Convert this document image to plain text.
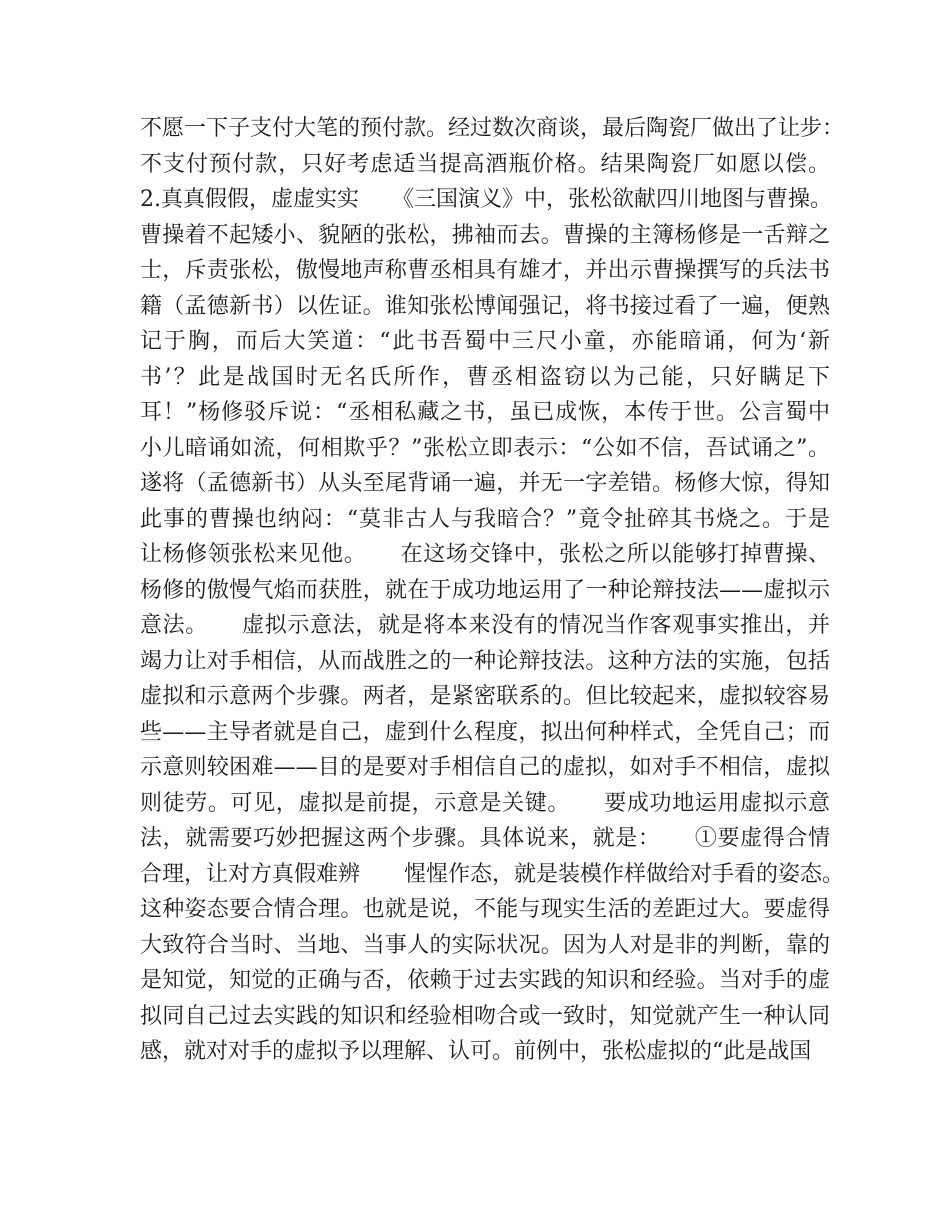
不愿一下子支付大笔的预付款。经过数次商谈，最后陶瓷厂做出了让步：
不支付预付款，只好考虑适当提高酒瓶价格。结果陶瓷厂如愿以偿。
2.真真假假，虚虚实实　　《三国演义》中，张松欲献四川地图与曹操。
曹操着不起矮小、貌陋的张松，拂袖而去。曹操的主簿杨修是一舌辩之
士，斥责张松，傲慢地声称曹丞相具有雄才，并出示曹操撰写的兵法书
籍（孟德新书）以佐证。谁知张松博闻强记，将书接过看了一遍，便熟
记于胸，而后大笑道：“此书吾蜀中三尺小童，亦能暗诵，何为‘新
书’？此是战国时无名氏所作，曹丞相盗窃以为己能，只好瞒足下
耳！”杨修驳斥说：“丞相私藏之书，虽已成恢，本传于世。公言蜀中
小儿暗诵如流，何相欺乎？”张松立即表示：“公如不信，吾试诵之”。
遂将（孟德新书）从头至尾背诵一遍，并无一字差错。杨修大惊，得知
此事的曹操也纳闷：“莫非古人与我暗合？”竟令扯碎其书烧之。于是
让杨修领张松来见他。　　在这场交锋中，张松之所以能够打掉曹操、
杨修的傲慢气焰而获胜，就在于成功地运用了一种论辩技法——虚拟示
意法。　　虚拟示意法，就是将本来没有的情况当作客观事实推出，并
竭力让对手相信，从而战胜之的一种论辩技法。这种方法的实施，包括
虚拟和示意两个步骤。两者，是紧密联系的。但比较起来，虚拟较容易
些——主导者就是自己，虚到什么程度，拟出何种样式，全凭自己；而
示意则较困难——目的是要对手相信自己的虚拟，如对手不相信，虚拟
则徒劳。可见，虚拟是前提，示意是关键。　　要成功地运用虚拟示意
法，就需要巧妙把握这两个步骤。具体说来，就是：　　①要虚得合情
合理，让对方真假难辨　　惺惺作态，就是装模作样做给对手看的姿态。
这种姿态要合情合理。也就是说，不能与现实生活的差距过大。要虚得
大致符合当时、当地、当事人的实际状况。因为人对是非的判断，靠的
是知觉，知觉的正确与否，依赖于过去实践的知识和经验。当对手的虚
拟同自己过去实践的知识和经验相吻合或一致时，知觉就产生一种认同
感，就对对手的虚拟予以理解、认可。前例中，张松虚拟的“此是战国
